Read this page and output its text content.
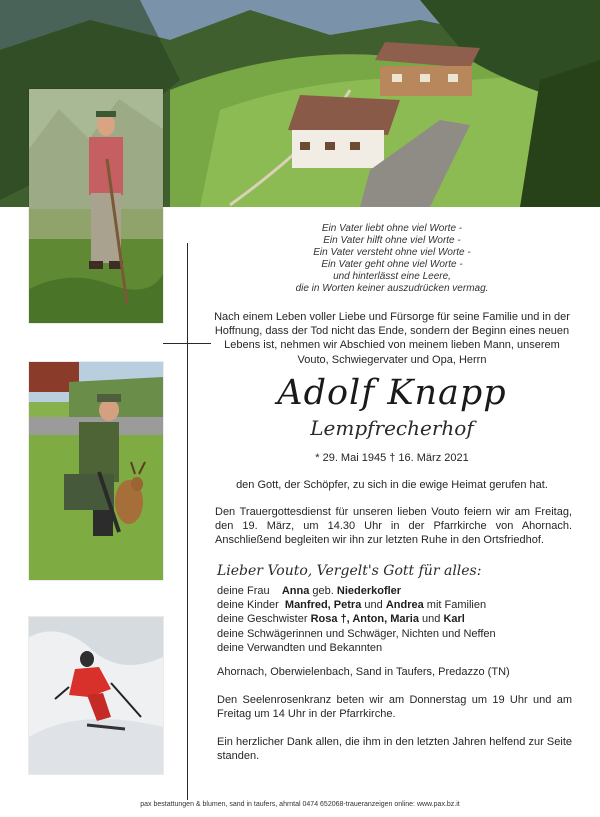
Ein Vater liebt ohne viel Worte -
Ein Vater hilft ohne viel Worte -
Ein Vater versteht ohne viel Worte -
Ein Vater geht ohne viel Worte -
und hinterlässt eine Leere,
die in Worten keiner auszudrücken vermag.
Nach einem Leben voller Liebe und Fürsorge für seine Familie und in der Hoffnung, dass der Tod nicht das Ende, sondern der Beginn eines neuen Lebens ist, nehmen wir Abschied von meinem lieben Mann, unserem Vouto, Schwiegervater und Opa, Herrn
Adolf Knapp
Lempfrecherhof
* 29. Mai 1945 † 16. März 2021
den Gott, der Schöpfer, zu sich in die ewige Heimat gerufen hat.
Den Trauergottesdienst für unseren lieben Vouto feiern wir am Freitag, den 19. März, um 14.30 Uhr in der Pfarrkirche von Ahornach. Anschließend begleiten wir ihn zur letzten Ruhe in den Ortsfriedhof.
Lieber Vouto, Vergelt's Gott für alles:
deine Frau Anna geb. Niederkofler
deine Kinder Manfred, Petra und Andrea mit Familien
deine Geschwister Rosa †, Anton, Maria und Karl
deine Schwägerinnen und Schwäger, Nichten und Neffen
deine Verwandten und Bekannten
Ahornach, Oberwielenbach, Sand in Taufers, Predazzo (TN)
Den Seelenrosenkranz beten wir am Donnerstag um 19 Uhr und am Freitag um 14 Uhr in der Pfarrkirche.
Ein herzlicher Dank allen, die ihm in den letzten Jahren helfend zur Seite standen.
pax bestattungen & blumen, sand in taufers, ahrntal 0474 652068-traueranzeigen online: www.pax.bz.it
